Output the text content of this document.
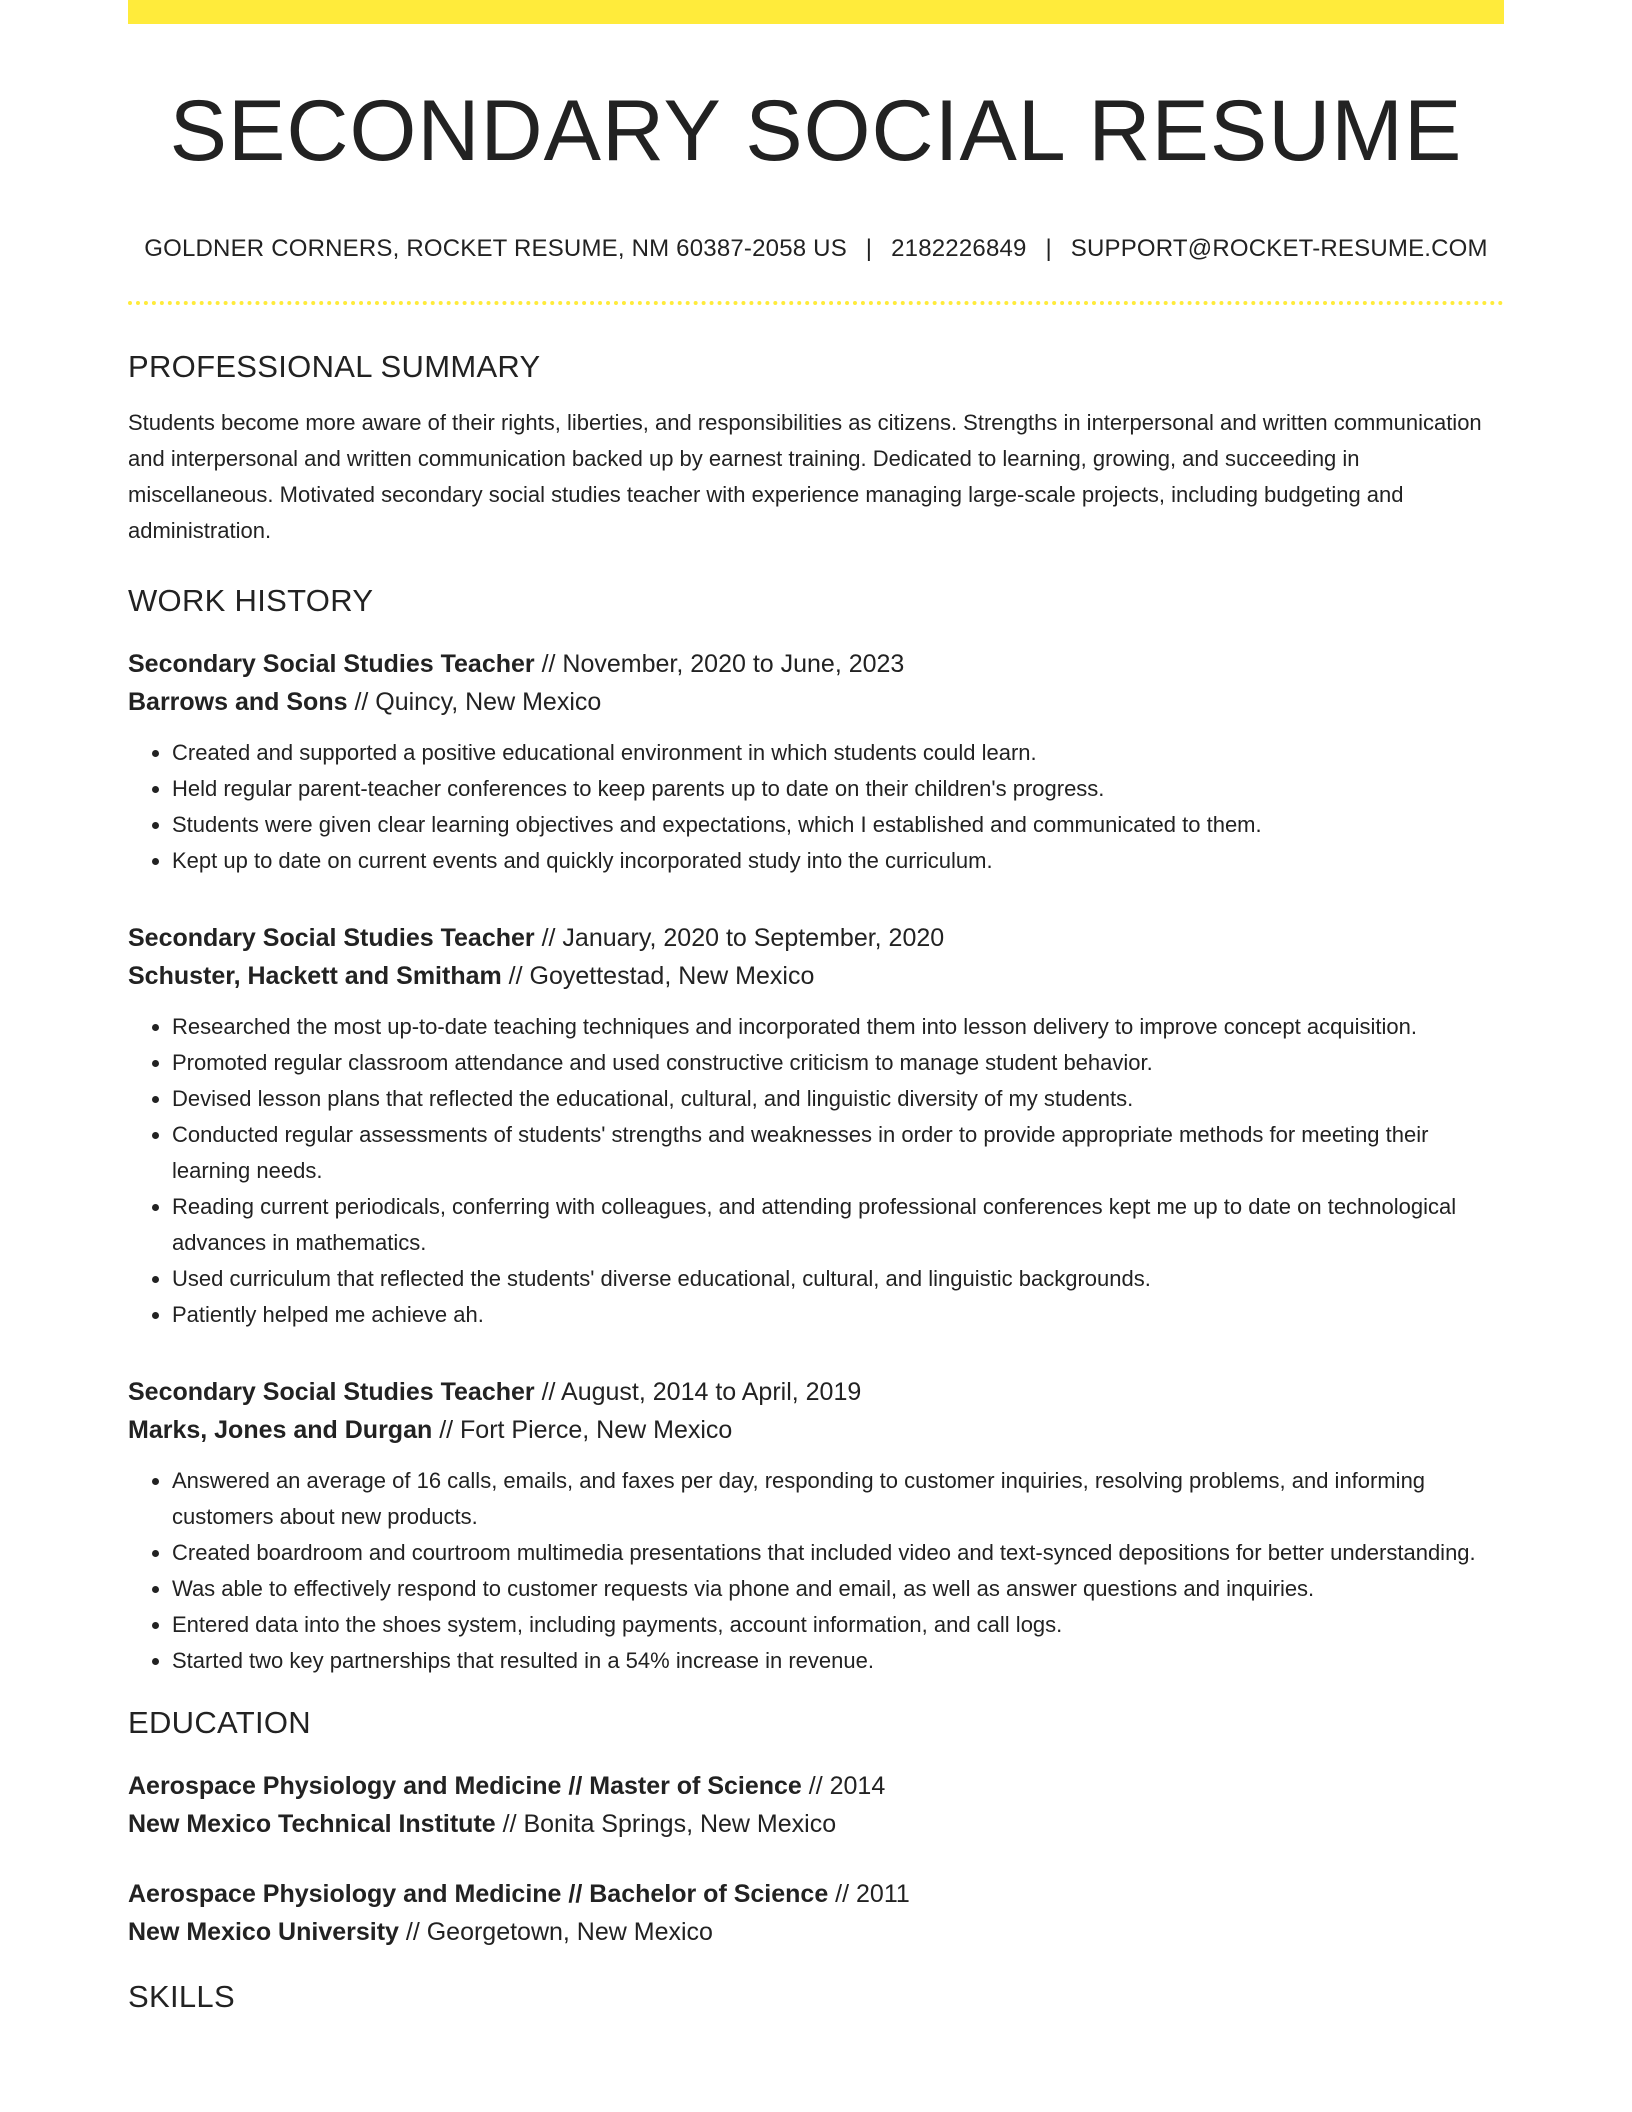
SECONDARY SOCIAL RESUME
GOLDNER CORNERS, ROCKET RESUME, NM 60387-2058 US | 2182226849 | SUPPORT@ROCKET-RESUME.COM
PROFESSIONAL SUMMARY
Students become more aware of their rights, liberties, and responsibilities as citizens. Strengths in interpersonal and written communication and interpersonal and written communication backed up by earnest training. Dedicated to learning, growing, and succeeding in miscellaneous. Motivated secondary social studies teacher with experience managing large-scale projects, including budgeting and administration.
WORK HISTORY
Secondary Social Studies Teacher // November, 2020 to June, 2023
Barrows and Sons // Quincy, New Mexico
• Created and supported a positive educational environment in which students could learn.
• Held regular parent-teacher conferences to keep parents up to date on their children's progress.
• Students were given clear learning objectives and expectations, which I established and communicated to them.
• Kept up to date on current events and quickly incorporated study into the curriculum.
Secondary Social Studies Teacher // January, 2020 to September, 2020
Schuster, Hackett and Smitham // Goyettestad, New Mexico
• Researched the most up-to-date teaching techniques and incorporated them into lesson delivery to improve concept acquisition.
• Promoted regular classroom attendance and used constructive criticism to manage student behavior.
• Devised lesson plans that reflected the educational, cultural, and linguistic diversity of my students.
• Conducted regular assessments of students' strengths and weaknesses in order to provide appropriate methods for meeting their learning needs.
• Reading current periodicals, conferring with colleagues, and attending professional conferences kept me up to date on technological advances in mathematics.
• Used curriculum that reflected the students' diverse educational, cultural, and linguistic backgrounds.
• Patiently helped me achieve ah.
Secondary Social Studies Teacher // August, 2014 to April, 2019
Marks, Jones and Durgan // Fort Pierce, New Mexico
• Answered an average of 16 calls, emails, and faxes per day, responding to customer inquiries, resolving problems, and informing customers about new products.
• Created boardroom and courtroom multimedia presentations that included video and text-synced depositions for better understanding.
• Was able to effectively respond to customer requests via phone and email, as well as answer questions and inquiries.
• Entered data into the shoes system, including payments, account information, and call logs.
• Started two key partnerships that resulted in a 54% increase in revenue.
EDUCATION
Aerospace Physiology and Medicine // Master of Science // 2014
New Mexico Technical Institute // Bonita Springs, New Mexico
Aerospace Physiology and Medicine // Bachelor of Science // 2011
New Mexico University // Georgetown, New Mexico
SKILLS
